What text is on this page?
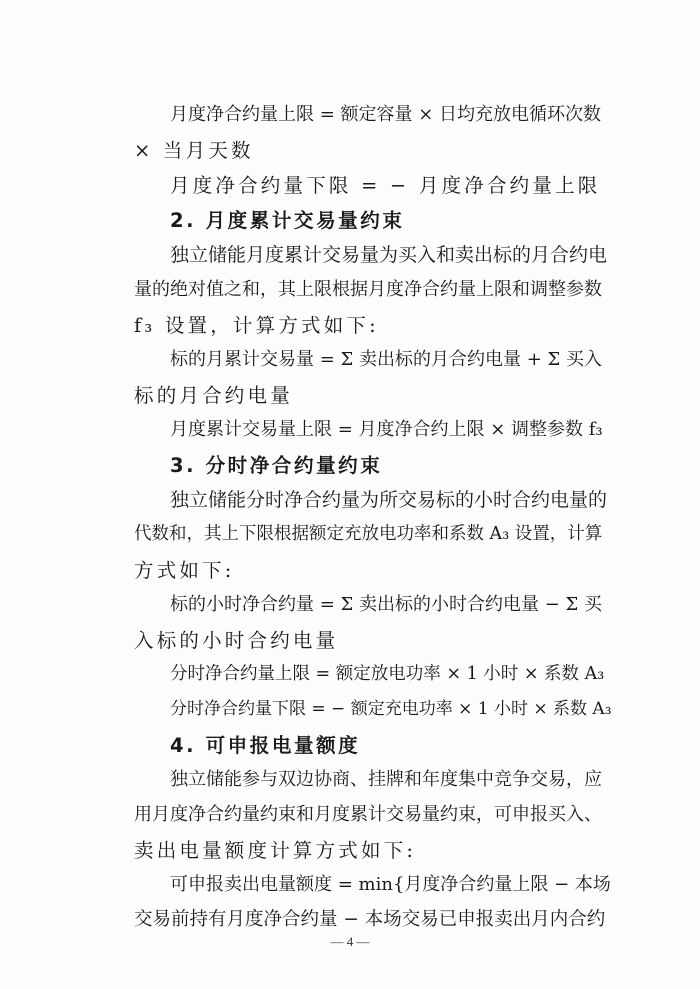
月度净合约量上限 = 额定容量 × 日均充放电循环次数
× 当月天数
月度净合约量下限 = − 月度净合约量上限
2. 月度累计交易量约束
独立储能月度累计交易量为买入和卖出标的月合约电
量的绝对值之和，其上限根据月度净合约量上限和调整参数
f₃ 设置，计算方式如下:
标的月累计交易量 = Σ 卖出标的月合约电量 + Σ 买入
标的月合约电量
月度累计交易量上限 = 月度净合约上限 × 调整参数 f₃
3. 分时净合约量约束
独立储能分时净合约量为所交易标的小时合约电量的
代数和，其上下限根据额定充放电功率和系数 A₃ 设置，计算
方式如下:
标的小时净合约量 = Σ 卖出标的小时合约电量 − Σ 买
入标的小时合约电量
分时净合约量上限 = 额定放电功率 × 1 小时 × 系数 A₃
分时净合约量下限 = − 额定充电功率 × 1 小时 × 系数 A₃
4. 可申报电量额度
独立储能参与双边协商、挂牌和年度集中竞争交易，应
用月度净合约量约束和月度累计交易量约束，可申报买入、
卖出电量额度计算方式如下:
可申报卖出电量额度 = min{月度净合约量上限 − 本场
交易前持有月度净合约量 − 本场交易已申报卖出月内合约
— 4 —
